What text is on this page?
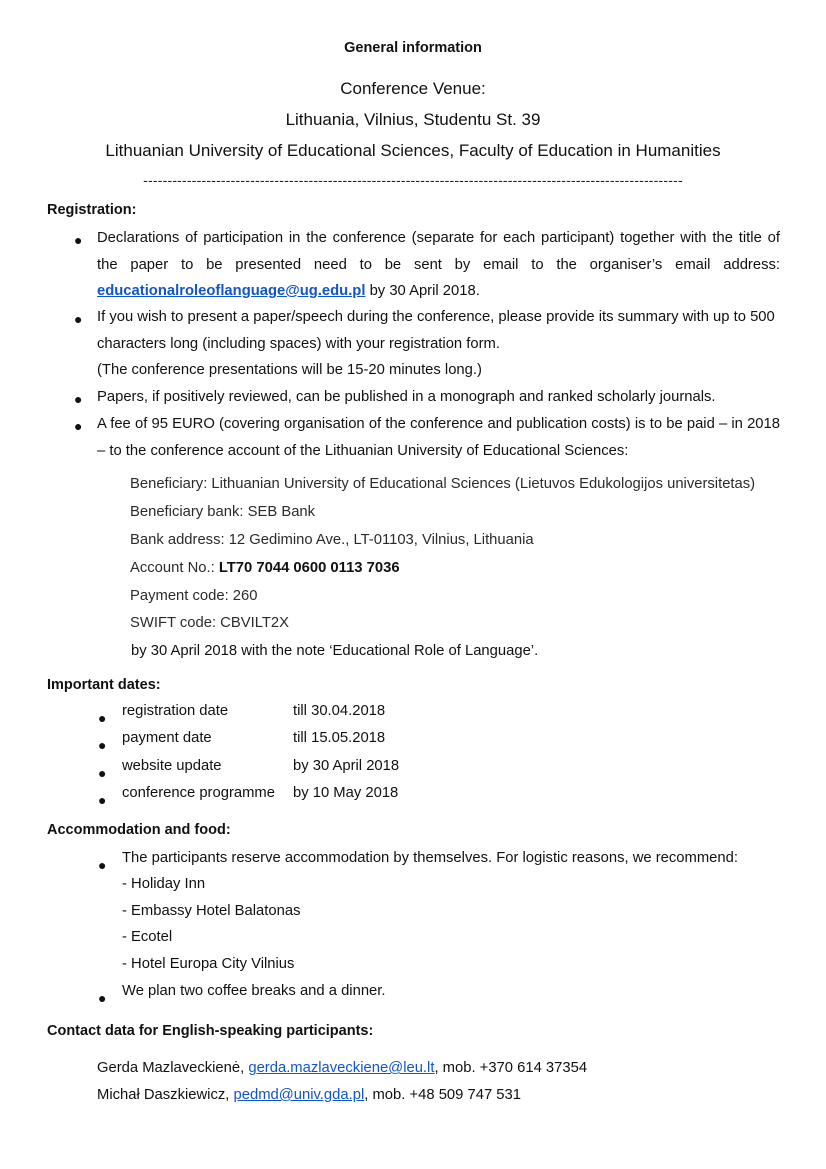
General information
Conference Venue:
Lithuania, Vilnius, Studentu St. 39
Lithuanian University of Educational Sciences, Faculty of Education in Humanities
---------------------------------------------------------------------------------------------------------------
Registration:
● Declarations of participation in the conference (separate for each participant) together with the title of the paper to be presented need to be sent by email to the organiser’s email address: educationalroleoflanguage@ug.edu.pl by 30 April 2018.
● If you wish to present a paper/speech during the conference, please provide its summary with up to 500 characters long (including spaces) with your registration form.
(The conference presentations will be 15-20 minutes long.)
● Papers, if positively reviewed, can be published in a monograph and ranked scholarly journals.
● A fee of 95 EURO (covering organisation of the conference and publication costs) is to be paid – in 2018 – to the conference account of the Lithuanian University of Educational Sciences:
Beneficiary: Lithuanian University of Educational Sciences (Lietuvos Edukologijos universitetas)
Beneficiary bank: SEB Bank
Bank address: 12 Gedimino Ave., LT-01103, Vilnius, Lithuania
Account No.: LT70 7044 0600 0113 7036
Payment code: 260
SWIFT code: CBVILT2X
by 30 April 2018 with the note ‘Educational Role of Language’.
Important dates:
● registration date	till 30.04.2018
● payment date	till 15.05.2018
● website update	by 30 April 2018
● conference programme by 10 May 2018
Accommodation and food:
● The participants reserve accommodation by themselves. For logistic reasons, we recommend:
- Holiday Inn
- Embassy Hotel Balatonas
- Ecotel
- Hotel Europa City Vilnius
● We plan two coffee breaks and a dinner.
Contact data for English-speaking participants:
Gerda Mazlaveckienė, gerda.mazlaveckiene@leu.lt, mob. +370 614 37354
Michał Daszkiewicz, pedmd@univ.gda.pl, mob. +48 509 747 531
